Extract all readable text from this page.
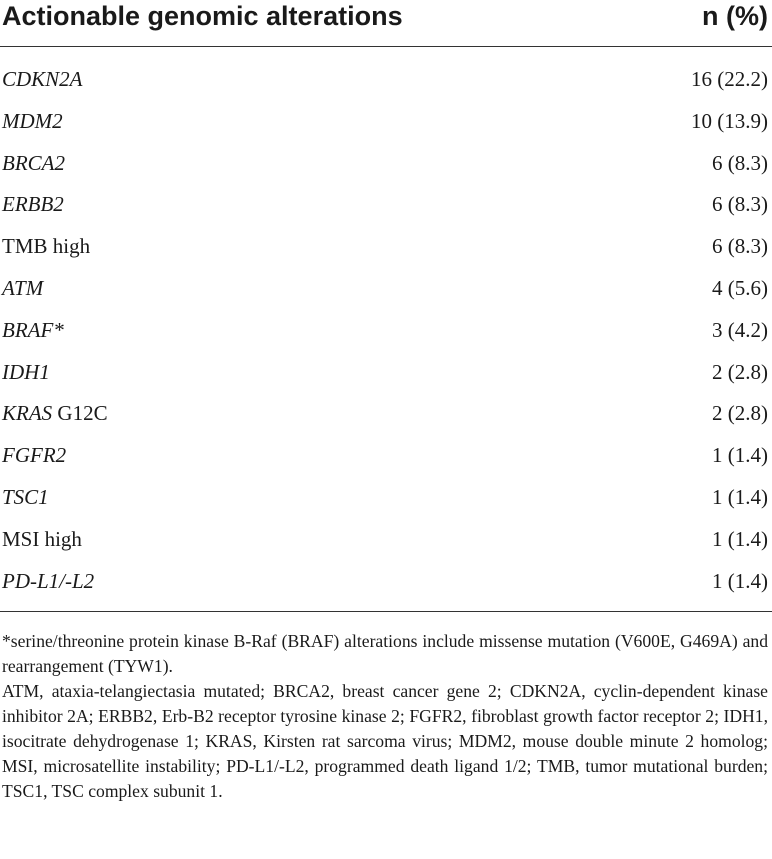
Actionable genomic alterations	n (%)
CDKN2A	16 (22.2)
MDM2	10 (13.9)
BRCA2	6 (8.3)
ERBB2	6 (8.3)
TMB high	6 (8.3)
ATM	4 (5.6)
BRAF*	3 (4.2)
IDH1	2 (2.8)
KRAS G12C	2 (2.8)
FGFR2	1 (1.4)
TSC1	1 (1.4)
MSI high	1 (1.4)
PD-L1/-L2	1 (1.4)

*serine/threonine protein kinase B-Raf (BRAF) alterations include missense mutation (V600E, G469A) and rearrangement (TYW1).

ATM, ataxia-telangiectasia mutated; BRCA2, breast cancer gene 2; CDKN2A, cyclin-dependent kinase inhibitor 2A; ERBB2, Erb-B2 receptor tyrosine kinase 2; FGFR2, fibroblast growth factor receptor 2; IDH1, isocitrate dehydrogenase 1; KRAS, Kirsten rat sarcoma virus; MDM2, mouse double minute 2 homolog; MSI, microsatellite instability; PD-L1/-L2, programmed death ligand 1/2; TMB, tumor mutational burden; TSC1, TSC complex subunit 1.
